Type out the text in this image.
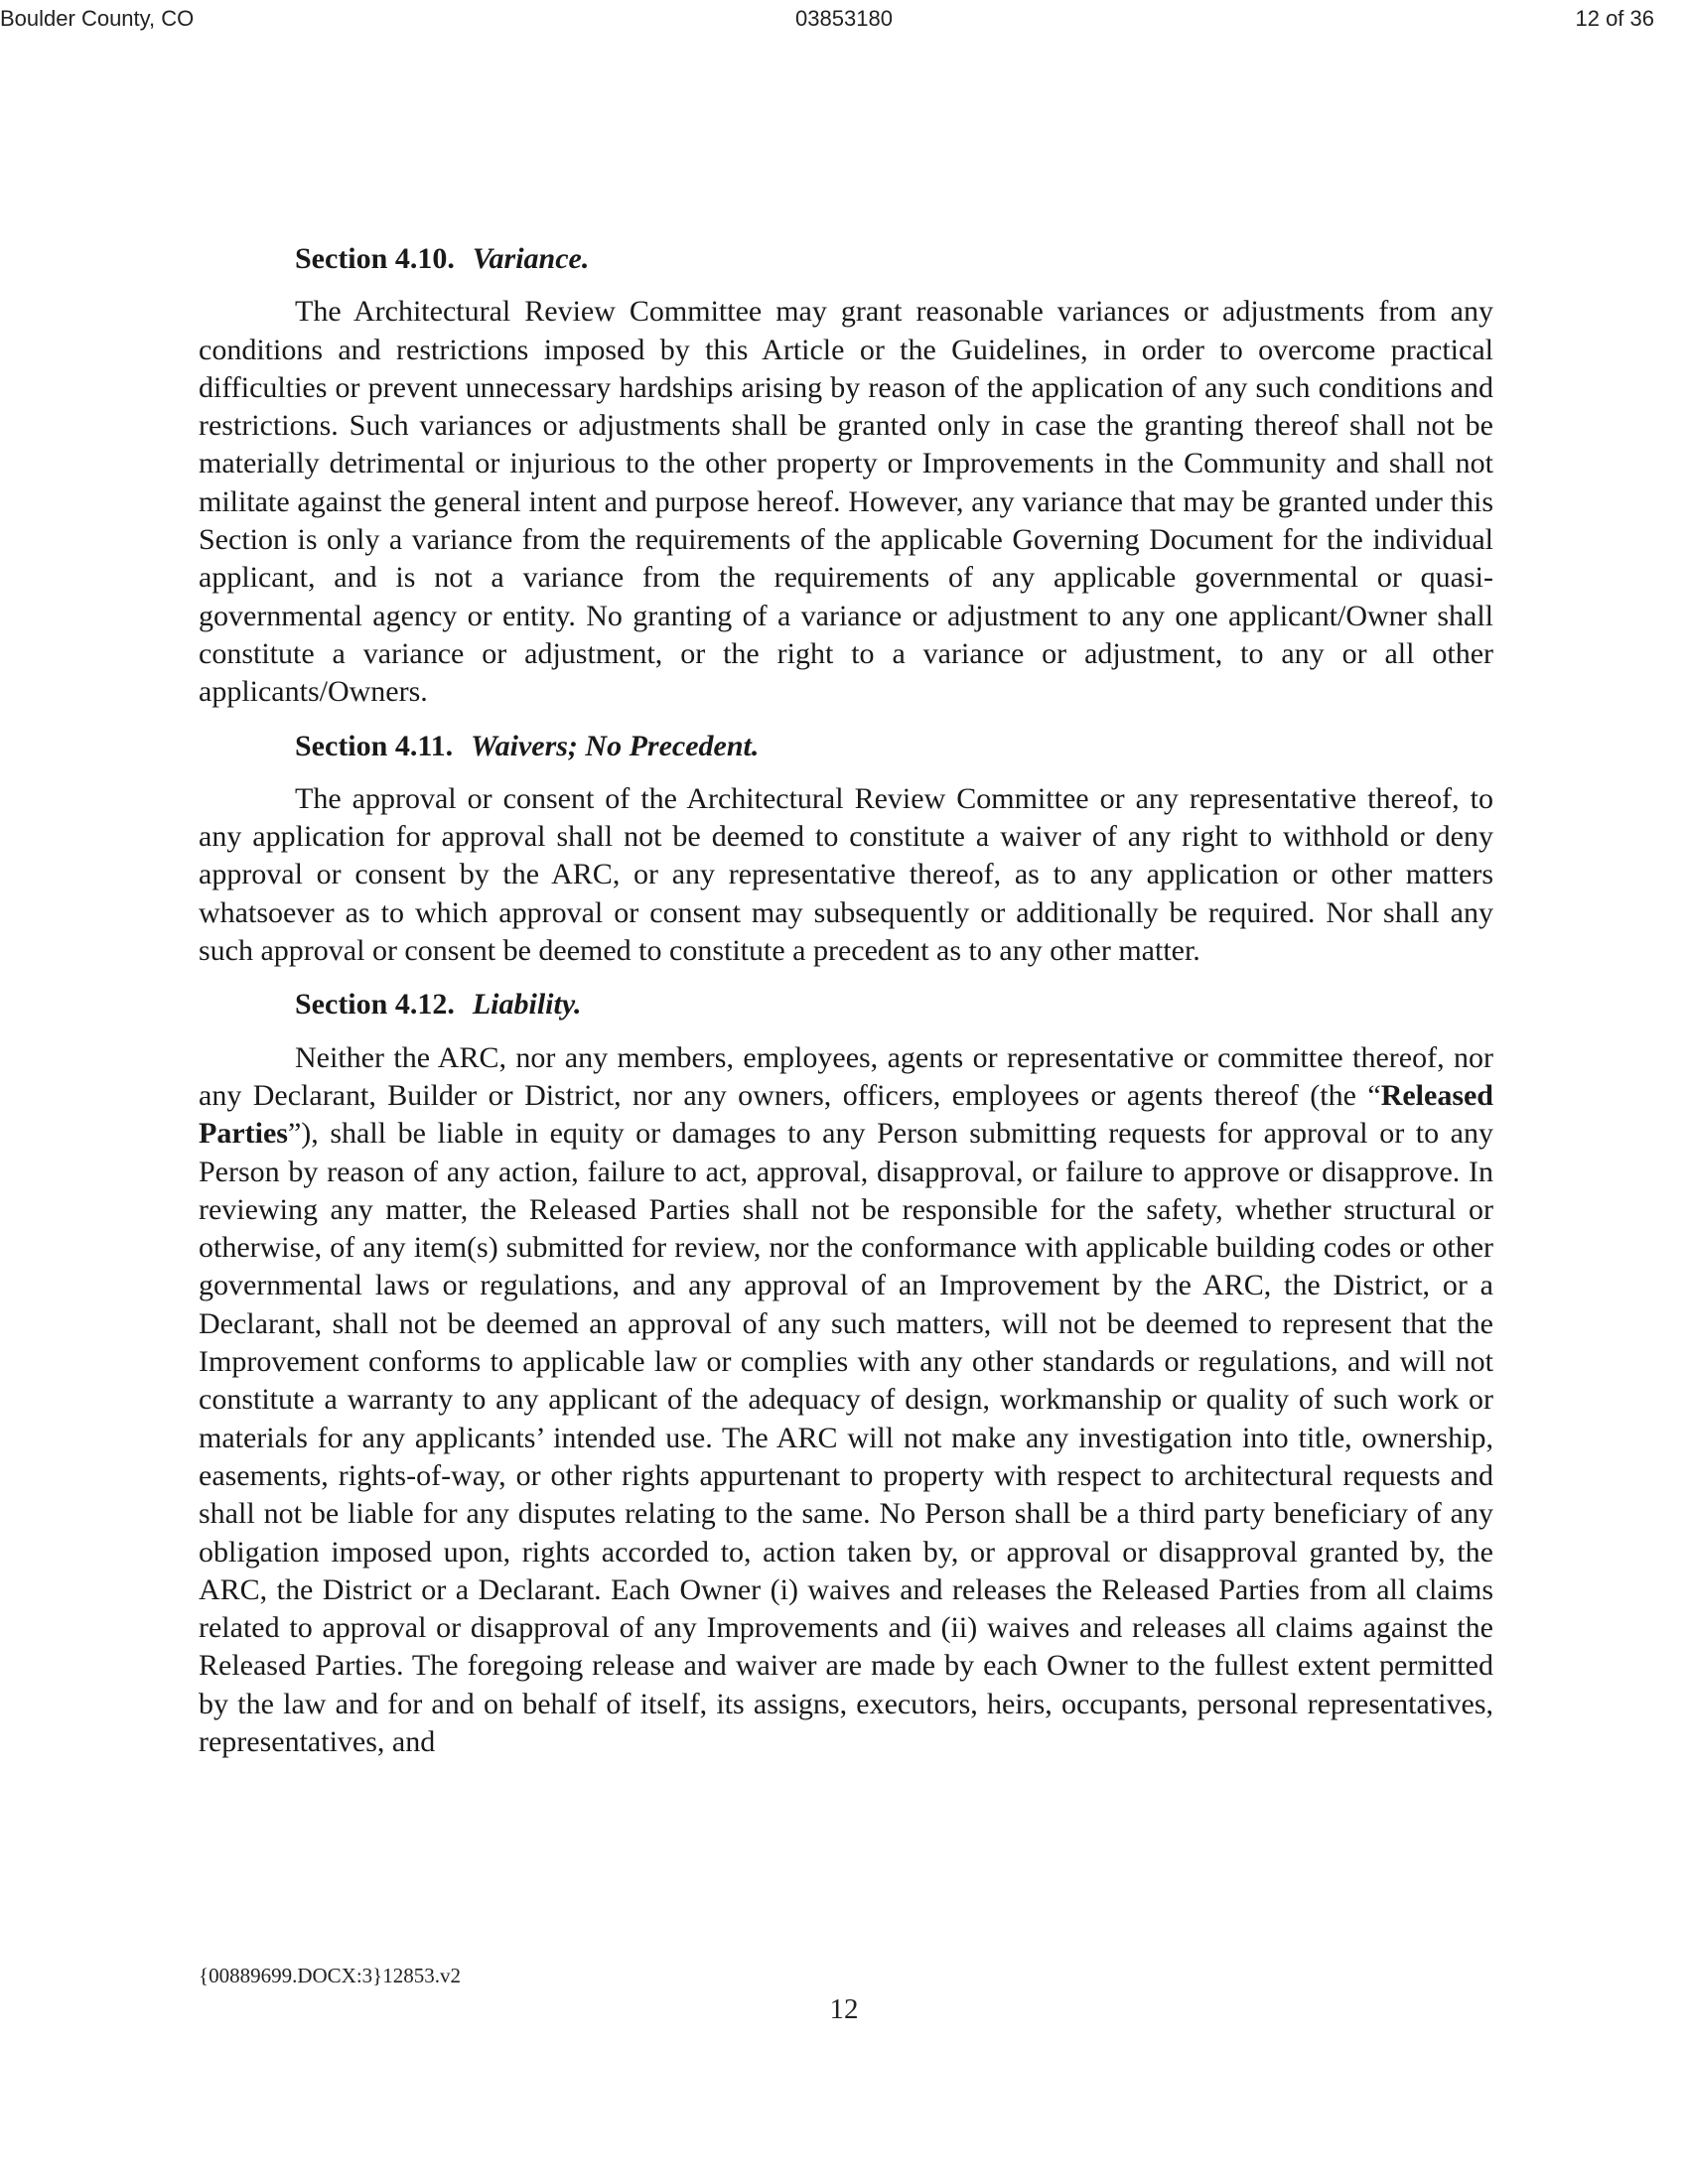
Boulder County, CO	03853180	12 of 36
Section 4.10. Variance.

The Architectural Review Committee may grant reasonable variances or adjustments from any conditions and restrictions imposed by this Article or the Guidelines, in order to overcome practical difficulties or prevent unnecessary hardships arising by reason of the application of any such conditions and restrictions. Such variances or adjustments shall be granted only in case the granting thereof shall not be materially detrimental or injurious to the other property or Improvements in the Community and shall not militate against the general intent and purpose hereof. However, any variance that may be granted under this Section is only a variance from the requirements of the applicable Governing Document for the individual applicant, and is not a variance from the requirements of any applicable governmental or quasi-governmental agency or entity. No granting of a variance or adjustment to any one applicant/Owner shall constitute a variance or adjustment, or the right to a variance or adjustment, to any or all other applicants/Owners.

Section 4.11. Waivers; No Precedent.

The approval or consent of the Architectural Review Committee or any representative thereof, to any application for approval shall not be deemed to constitute a waiver of any right to withhold or deny approval or consent by the ARC, or any representative thereof, as to any application or other matters whatsoever as to which approval or consent may subsequently or additionally be required. Nor shall any such approval or consent be deemed to constitute a precedent as to any other matter.

Section 4.12. Liability.

Neither the ARC, nor any members, employees, agents or representative or committee thereof, nor any Declarant, Builder or District, nor any owners, officers, employees or agents thereof (the “Released Parties”), shall be liable in equity or damages to any Person submitting requests for approval or to any Person by reason of any action, failure to act, approval, disapproval, or failure to approve or disapprove. In reviewing any matter, the Released Parties shall not be responsible for the safety, whether structural or otherwise, of any item(s) submitted for review, nor the conformance with applicable building codes or other governmental laws or regulations, and any approval of an Improvement by the ARC, the District, or a Declarant, shall not be deemed an approval of any such matters, will not be deemed to represent that the Improvement conforms to applicable law or complies with any other standards or regulations, and will not constitute a warranty to any applicant of the adequacy of design, workmanship or quality of such work or materials for any applicants’ intended use. The ARC will not make any investigation into title, ownership, easements, rights-of-way, or other rights appurtenant to property with respect to architectural requests and shall not be liable for any disputes relating to the same. No Person shall be a third party beneficiary of any obligation imposed upon, rights accorded to, action taken by, or approval or disapproval granted by, the ARC, the District or a Declarant. Each Owner (i) waives and releases the Released Parties from all claims related to approval or disapproval of any Improvements and (ii) waives and releases all claims against the Released Parties. The foregoing release and waiver are made by each Owner to the fullest extent permitted by the law and for and on behalf of itself, its assigns, executors, heirs, occupants, personal representatives, representatives, and

{00889699.DOCX:3}12853.v2
12
